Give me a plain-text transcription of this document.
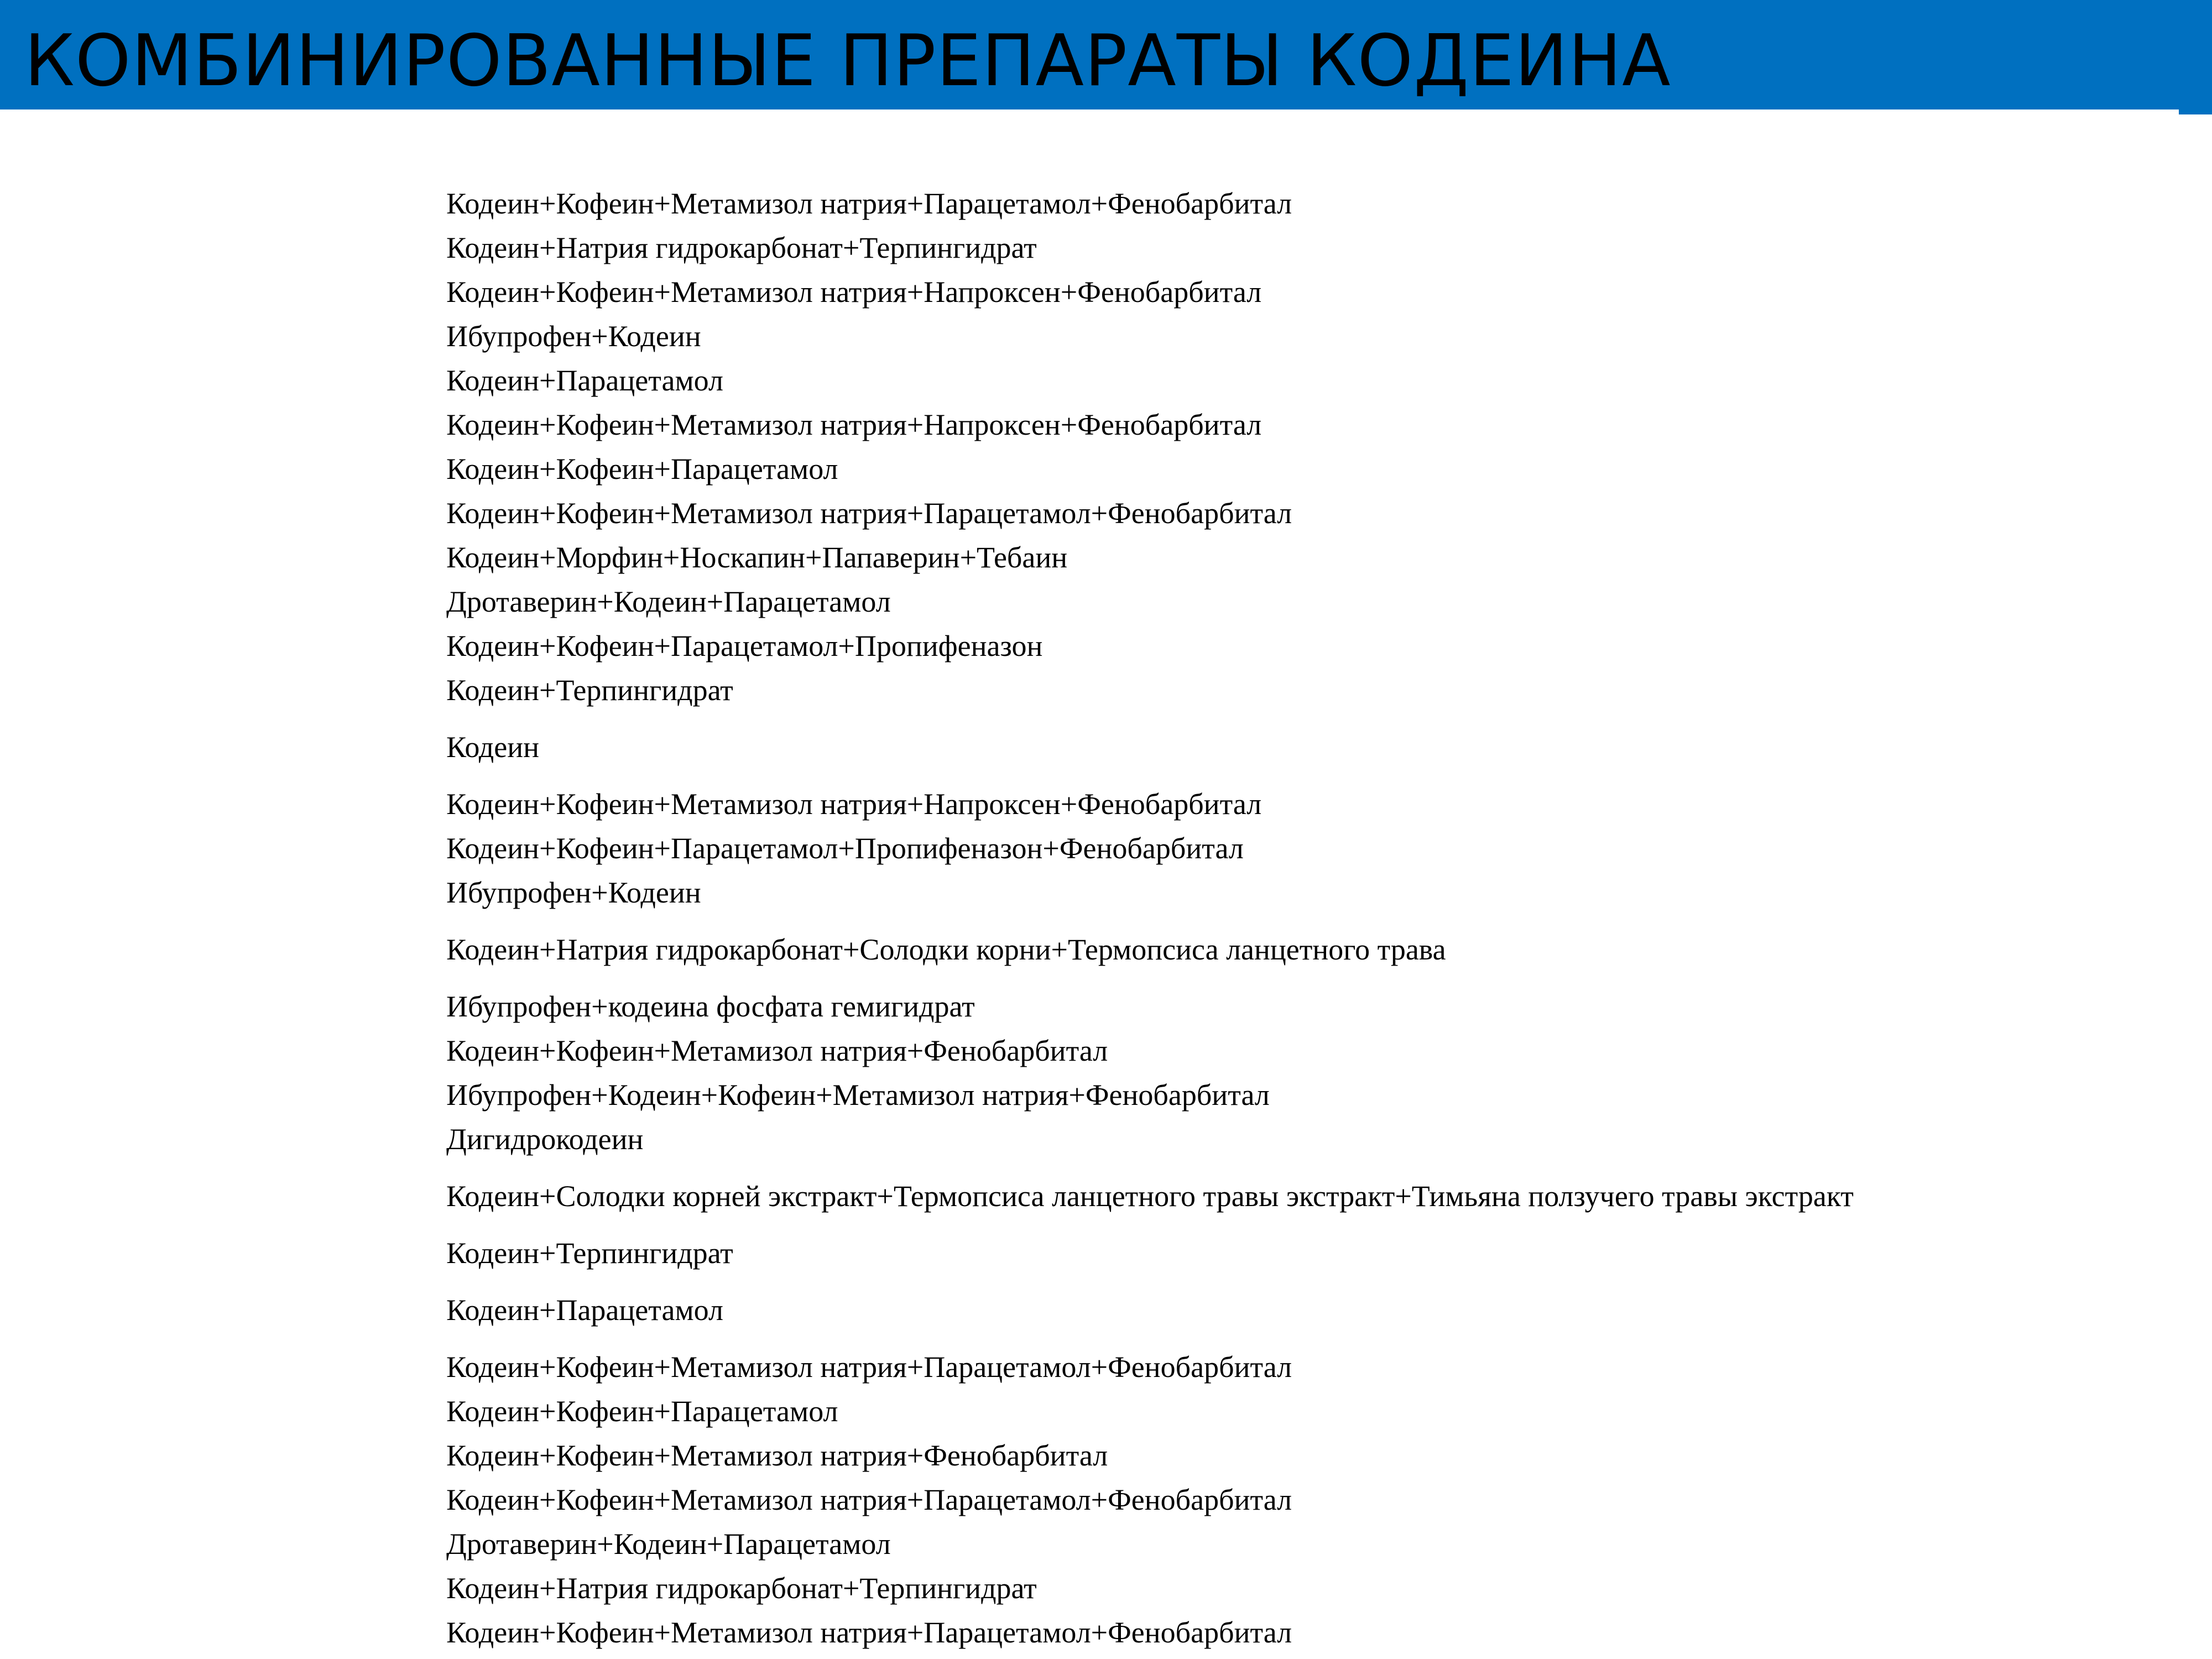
КОМБИНИРОВАННЫЕ ПРЕПАРАТЫ КОДЕИНА
Кодеин+Кофеин+Метамизол натрия+Парацетамол+Фенобарбитал
Кодеин+Натрия гидрокарбонат+Терпингидрат
Кодеин+Кофеин+Метамизол натрия+Напроксен+Фенобарбитал
Ибупрофен+Кодеин
Кодеин+Парацетамол
Кодеин+Кофеин+Метамизол натрия+Напроксен+Фенобарбитал
Кодеин+Кофеин+Парацетамол
Кодеин+Кофеин+Метамизол натрия+Парацетамол+Фенобарбитал
Кодеин+Морфин+Носкапин+Папаверин+Тебаин
Дротаверин+Кодеин+Парацетамол
Кодеин+Кофеин+Парацетамол+Пропифеназон
Кодеин+Терпингидрат
Кодеин
Кодеин+Кофеин+Метамизол натрия+Напроксен+Фенобарбитал
Кодеин+Кофеин+Парацетамол+Пропифеназон+Фенобарбитал
Ибупрофен+Кодеин
Кодеин+Натрия гидрокарбонат+Солодки корни+Термопсиса ланцетного трава
Ибупрофен+кодеина фосфата гемигидрат
Кодеин+Кофеин+Метамизол натрия+Фенобарбитал
Ибупрофен+Кодеин+Кофеин+Метамизол натрия+Фенобарбитал
Дигидрокодеин
Кодеин+Солодки корней экстракт+Термопсиса ланцетного травы экстракт+Тимьяна ползучего травы экстракт
Кодеин+Терпингидрат
Кодеин+Парацетамол
Кодеин+Кофеин+Метамизол натрия+Парацетамол+Фенобарбитал
Кодеин+Кофеин+Парацетамол
Кодеин+Кофеин+Метамизол натрия+Фенобарбитал
Кодеин+Кофеин+Метамизол натрия+Парацетамол+Фенобарбитал
Дротаверин+Кодеин+Парацетамол
Кодеин+Натрия гидрокарбонат+Терпингидрат
Кодеин+Кофеин+Метамизол натрия+Парацетамол+Фенобарбитал
